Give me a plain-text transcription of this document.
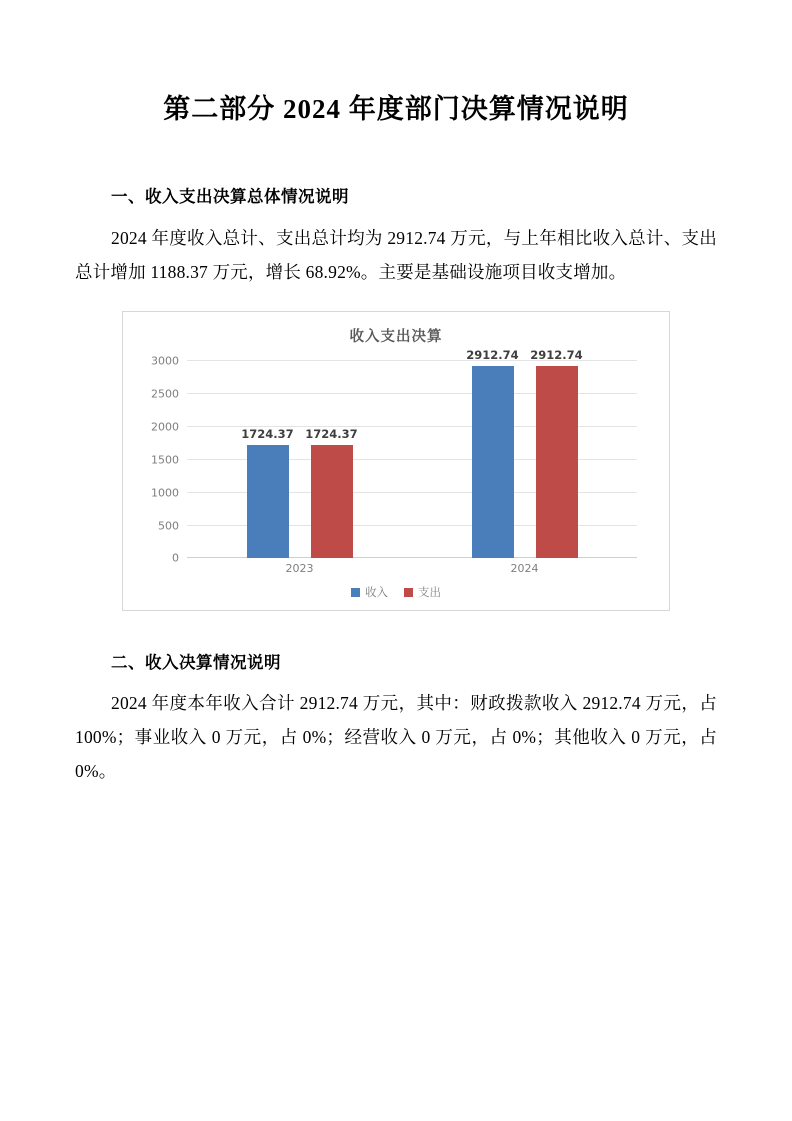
第二部分 2024 年度部门决算情况说明
一、收入支出决算总体情况说明

2024 年度收入总计、支出总计均为 2912.74 万元，与上年相比收入总计、支出总计增加 1188.37 万元，增长 68.92%。主要是基础设施项目收支增加。

收入支出决算
3000
2500
2000
1500
1000
500
0
1724.37 1724.37
2912.74 2912.74
2023	2024
收入	支出
二、收入决算情况说明

2024 年度本年收入合计 2912.74 万元，其中：财政拨款收入 2912.74 万元，占 100%；事业收入 0 万元，占 0%；经营收入 0 万元，占 0%；其他收入 0 万元，占 0%。
